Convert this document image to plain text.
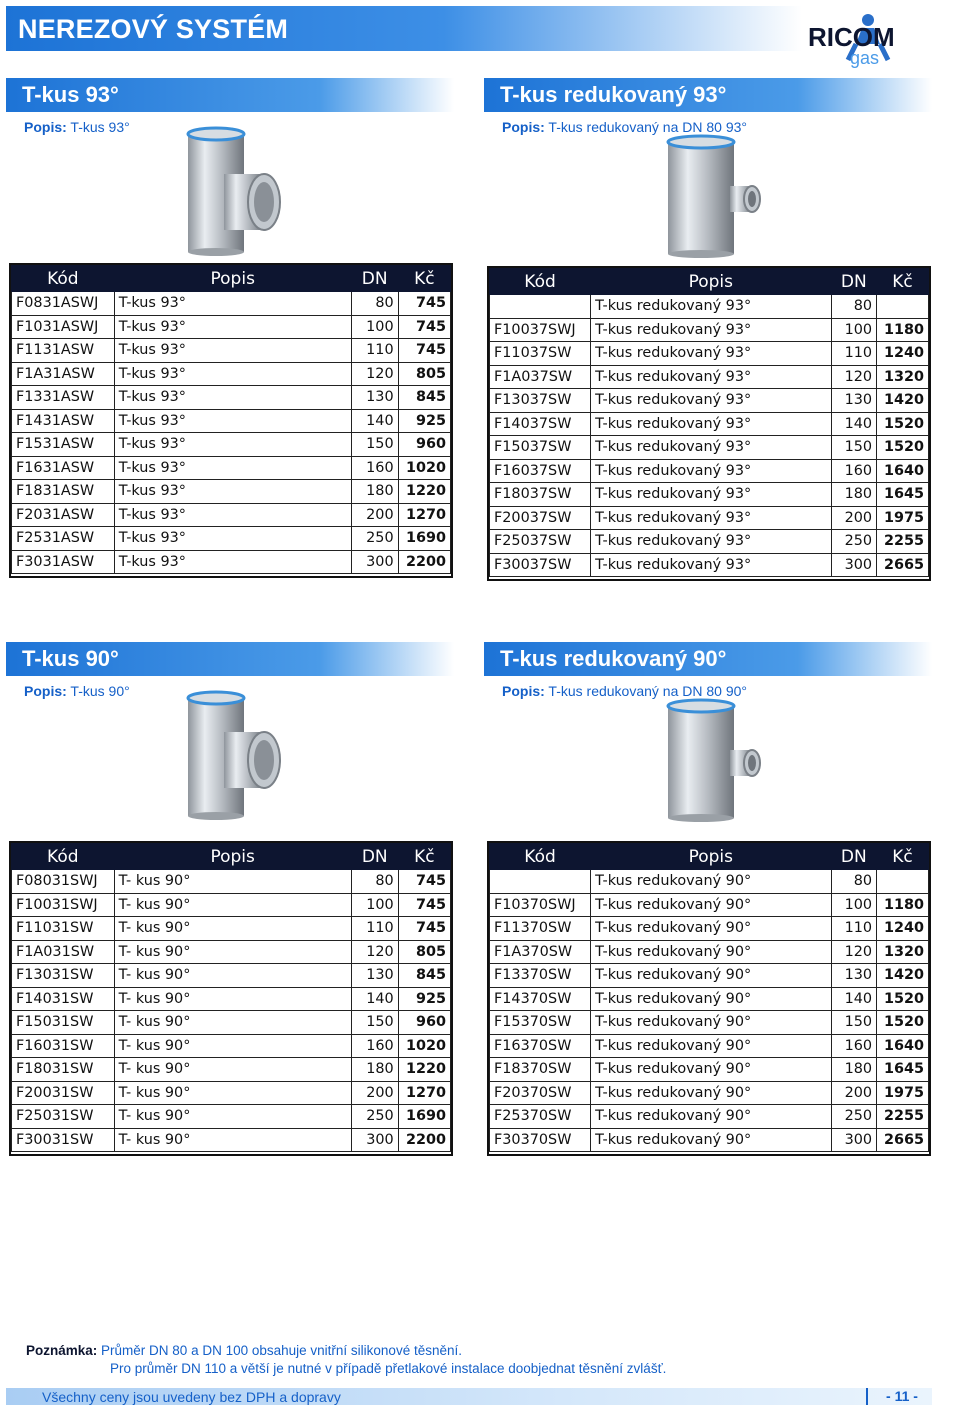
NEREZOVÝ SYSTÉM	RICOM
gas
T-kus 93°
Popis: T-kus 93°
T-kus redukovaný 93°
Popis: T-kus redukovaný na DN 80 93°
T-kus 90°
Popis: T-kus 90°
T-kus redukovaný 90°
Popis: T-kus redukovaný na DN 80 90°
Kód	Popis	DN	Kč
F0831ASWJ	T-kus 93°	80	745
F1031ASWJ	T-kus 93°	100	745
F1131ASW	T-kus 93°	110	745
F1A31ASW	T-kus 93°	120	805
F1331ASW	T-kus 93°	130	845
F1431ASW	T-kus 93°	140	925
F1531ASW	T-kus 93°	150	960
F1631ASW	T-kus 93°	160	1020
F1831ASW	T-kus 93°	180	1220
F2031ASW	T-kus 93°	200	1270
F2531ASW	T-kus 93°	250	1690
F3031ASW	T-kus 93°	300	2200
Kód	Popis	DN	Kč
	T-kus redukovaný 93°	80	
F10037SWJ	T-kus redukovaný 93°	100	1180
F11037SW	T-kus redukovaný 93°	110	1240
F1A037SW	T-kus redukovaný 93°	120	1320
F13037SW	T-kus redukovaný 93°	130	1420
F14037SW	T-kus redukovaný 93°	140	1520
F15037SW	T-kus redukovaný 93°	150	1520
F16037SW	T-kus redukovaný 93°	160	1640
F18037SW	T-kus redukovaný 93°	180	1645
F20037SW	T-kus redukovaný 93°	200	1975
F25037SW	T-kus redukovaný 93°	250	2255
F30037SW	T-kus redukovaný 93°	300	2665
Kód	Popis	DN	Kč
F08031SWJ	T- kus 90°	80	745
F10031SWJ	T- kus 90°	100	745
F11031SW	T- kus 90°	110	745
F1A031SW	T- kus 90°	120	805
F13031SW	T- kus 90°	130	845
F14031SW	T- kus 90°	140	925
F15031SW	T- kus 90°	150	960
F16031SW	T- kus 90°	160	1020
F18031SW	T- kus 90°	180	1220
F20031SW	T- kus 90°	200	1270
F25031SW	T- kus 90°	250	1690
F30031SW	T- kus 90°	300	2200
Kód	Popis	DN	Kč
	T-kus redukovaný 90°	80	
F10370SWJ	T-kus redukovaný 90°	100	1180
F11370SW	T-kus redukovaný 90°	110	1240
F1A370SW	T-kus redukovaný 90°	120	1320
F13370SW	T-kus redukovaný 90°	130	1420
F14370SW	T-kus redukovaný 90°	140	1520
F15370SW	T-kus redukovaný 90°	150	1520
F16370SW	T-kus redukovaný 90°	160	1640
F18370SW	T-kus redukovaný 90°	180	1645
F20370SW	T-kus redukovaný 90°	200	1975
F25370SW	T-kus redukovaný 90°	250	2255
F30370SW	T-kus redukovaný 90°	300	2665
Poznámka: Průměr DN 80 a DN 100 obsahuje vnitřní silikonové těsnění.
Pro průměr DN 110 a větší je nutné v případě přetlakové instalace doobjednat těsnění zvlášť.
Všechny ceny jsou uvedeny bez DPH a dopravy	- 11 -
